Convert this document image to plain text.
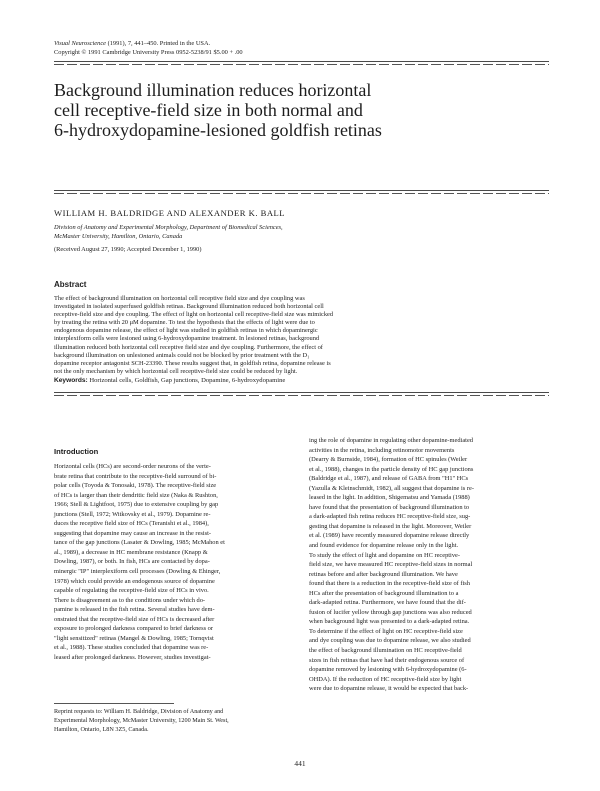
Visual Neuroscience (1991), 7, 441–450. Printed in the USA.
Copyright © 1991 Cambridge University Press 0952-5238/91 $5.00 + .00
Background illumination reduces horizontal
cell receptive-field size in both normal and
6-hydroxydopamine-lesioned goldfish retinas
WILLIAM H. BALDRIDGE AND ALEXANDER K. BALL
Division of Anatomy and Experimental Morphology, Department of Biomedical Sciences,
McMaster University, Hamilton, Ontario, Canada
(Received August 27, 1990; Accepted December 1, 1990)
Abstract
The effect of background illumination on horizontal cell receptive field size and dye coupling was
investigated in isolated superfused goldfish retinas. Background illumination reduced both horizontal cell
receptive-field size and dye coupling. The effect of light on horizontal cell receptive-field size was mimicked
by treating the retina with 20 μM dopamine. To test the hypothesis that the effects of light were due to
endogenous dopamine release, the effect of light was studied in goldfish retinas in which dopaminergic
interplexiform cells were lesioned using 6-hydroxydopamine treatment. In lesioned retinas, background
illumination reduced both horizontal cell receptive field size and dye coupling. Furthermore, the effect of
background illumination on unlesioned animals could not be blocked by prior treatment with the D₁
dopamine receptor antagonist SCH-23390. These results suggest that, in goldfish retina, dopamine release is
not the only mechanism by which horizontal cell receptive-field size could be reduced by light.
Keywords: Horizontal cells, Goldfish, Gap junctions, Dopamine, 6-hydroxydopamine
Introduction
Horizontal cells (HCs) are second-order neurons of the verte-
brate retina that contribute to the receptive-field surround of bi-
polar cells (Toyoda & Tonosaki, 1978). The receptive-field size
of HCs is larger than their dendritic field size (Naka & Rushton,
1966; Stell & Lightfoot, 1975) due to extensive coupling by gap
junctions (Stell, 1972; Witkovsky et al., 1979). Dopamine re-
duces the receptive field size of HCs (Teranishi et al., 1984),
suggesting that dopamine may cause an increase in the resist-
tance of the gap junctions (Lasater & Dowling, 1985; McMahon et
al., 1989), a decrease in HC membrane resistance (Knapp &
Dowling, 1987), or both. In fish, HCs are contacted by dopa-
minergic "IP" interplexiform cell processes (Dowling & Ehinger,
1978) which could provide an endogenous source of dopamine
capable of regulating the receptive-field size of HCs in vivo.
There is disagreement as to the conditions under which do-
pamine is released in the fish retina. Several studies have dem-
onstrated that the receptive-field size of HCs is decreased after
exposure to prolonged darkness compared to brief darkness or
"light sensitized" retinas (Mangel & Dowling, 1985; Tornqvist
et al., 1988). These studies concluded that dopamine was re-
leased after prolonged darkness. However, studies investigat-
ing the role of dopamine in regulating other dopamine-mediated
activities in the retina, including retinomotor movements
(Dearry & Burnside, 1984), formation of HC spinules (Weiler
et al., 1988), changes in the particle density of HC gap junctions
(Baldridge et al., 1987), and release of GABA from "H1" HCs
(Yazulla & Kleinschmidt, 1982), all suggest that dopamine is re-
leased in the light. In addition, Shigematsu and Yamada (1988)
have found that the presentation of background illumination to
a dark-adapted fish retina reduces HC receptive-field size, sug-
gesting that dopamine is released in the light. Moreover, Weiler
et al. (1989) have recently measured dopamine release directly
and found evidence for dopamine release only in the light.
To study the effect of light and dopamine on HC receptive-
field size, we have measured HC receptive-field sizes in normal
retinas before and after background illumination. We have
found that there is a reduction in the receptive-field size of fish
HCs after the presentation of background illumination to a
dark-adapted retina. Furthermore, we have found that the dif-
fusion of lucifer yellow through gap junctions was also reduced
when background light was presented to a dark-adapted retina.
To determine if the effect of light on HC receptive-field size
and dye coupling was due to dopamine release, we also studied
the effect of background illumination on HC receptive-field
sizes in fish retinas that have had their endogenous source of
dopamine removed by lesioning with 6-hydroxydopamine (6-
OHDA). If the reduction of HC receptive-field size by light
were due to dopamine release, it would be expected that back-
Reprint requests to: William H. Baldridge, Division of Anatomy and
Experimental Morphology, McMaster University, 1200 Main St. West,
Hamilton, Ontario, L8N 3Z5, Canada.
441
